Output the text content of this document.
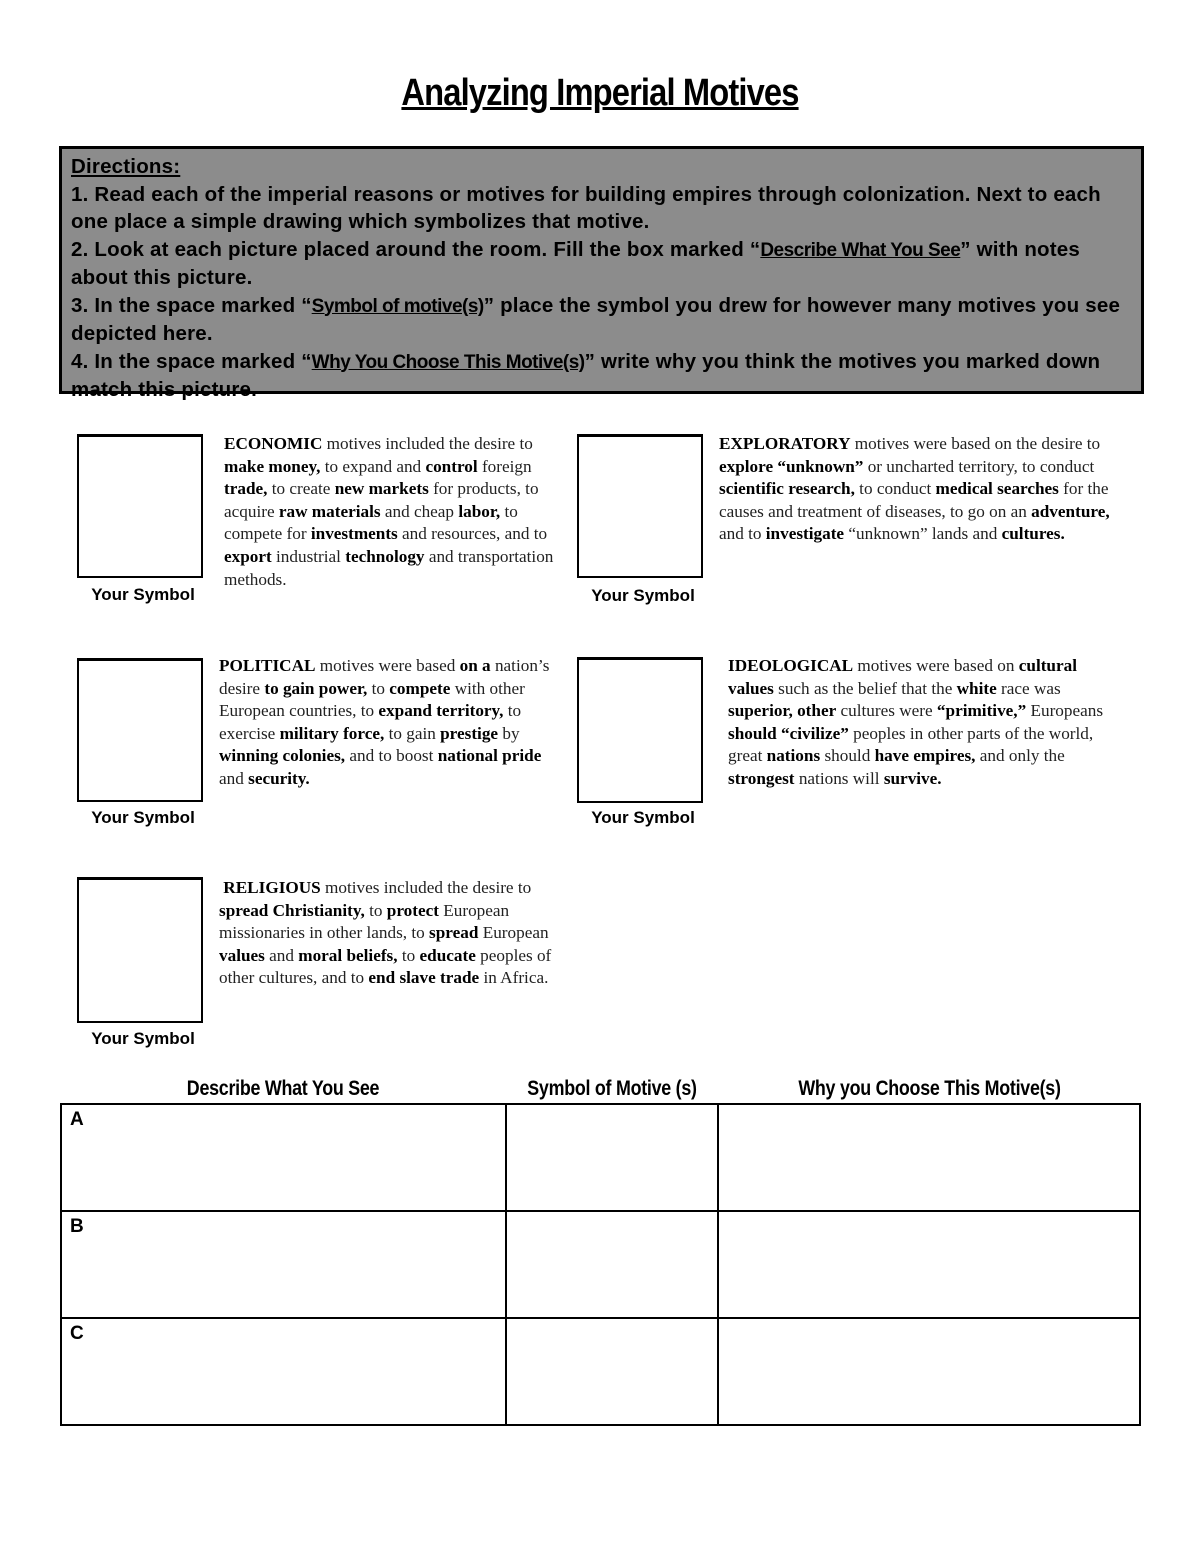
Analyzing Imperial Motives

Directions:

1. Read each of the imperial reasons or motives for building empires through colonization. Next to each one place a simple drawing which symbolizes that motive.

2. Look at each picture placed around the room. Fill the box marked “Describe What You See” with notes about this picture.

3. In the space marked “Symbol of motive(s)” place the symbol you drew for however many motives you see depicted here.

4. In the space marked “Why You Choose This Motive(s)” write why you think the motives you marked down match this picture.

Your Symbol
ECONOMIC motives included the desire to make money, to expand and control foreign trade, to create new markets for products, to acquire raw materials and cheap labor, to compete for investments and resources, and to export industrial technology and transportation methods.
Your Symbol
EXPLORATORY motives were based on the desire to explore “unknown” or uncharted territory, to conduct scientific research, to conduct medical searches for the causes and treatment of diseases, to go on an adventure, and to investigate “unknown” lands and cultures.
Your Symbol
POLITICAL motives were based on a nation’s desire to gain power, to compete with other European countries, to expand territory, to exercise military force, to gain prestige by winning colonies, and to boost national pride and security.
Your Symbol
IDEOLOGICAL motives were based on cultural values such as the belief that the white race was superior, other cultures were “primitive,” Europeans should “civilize” peoples in other parts of the world, great nations should have empires, and only the strongest nations will survive.
Your Symbol
RELIGIOUS motives included the desire to spread Christianity, to protect European missionaries in other lands, to spread European values and moral beliefs, to educate peoples of other cultures, and to end slave trade in Africa.
Describe What You See	Symbol of Motive (s)	Why you Choose This Motive(s)
A		
B		
C		
